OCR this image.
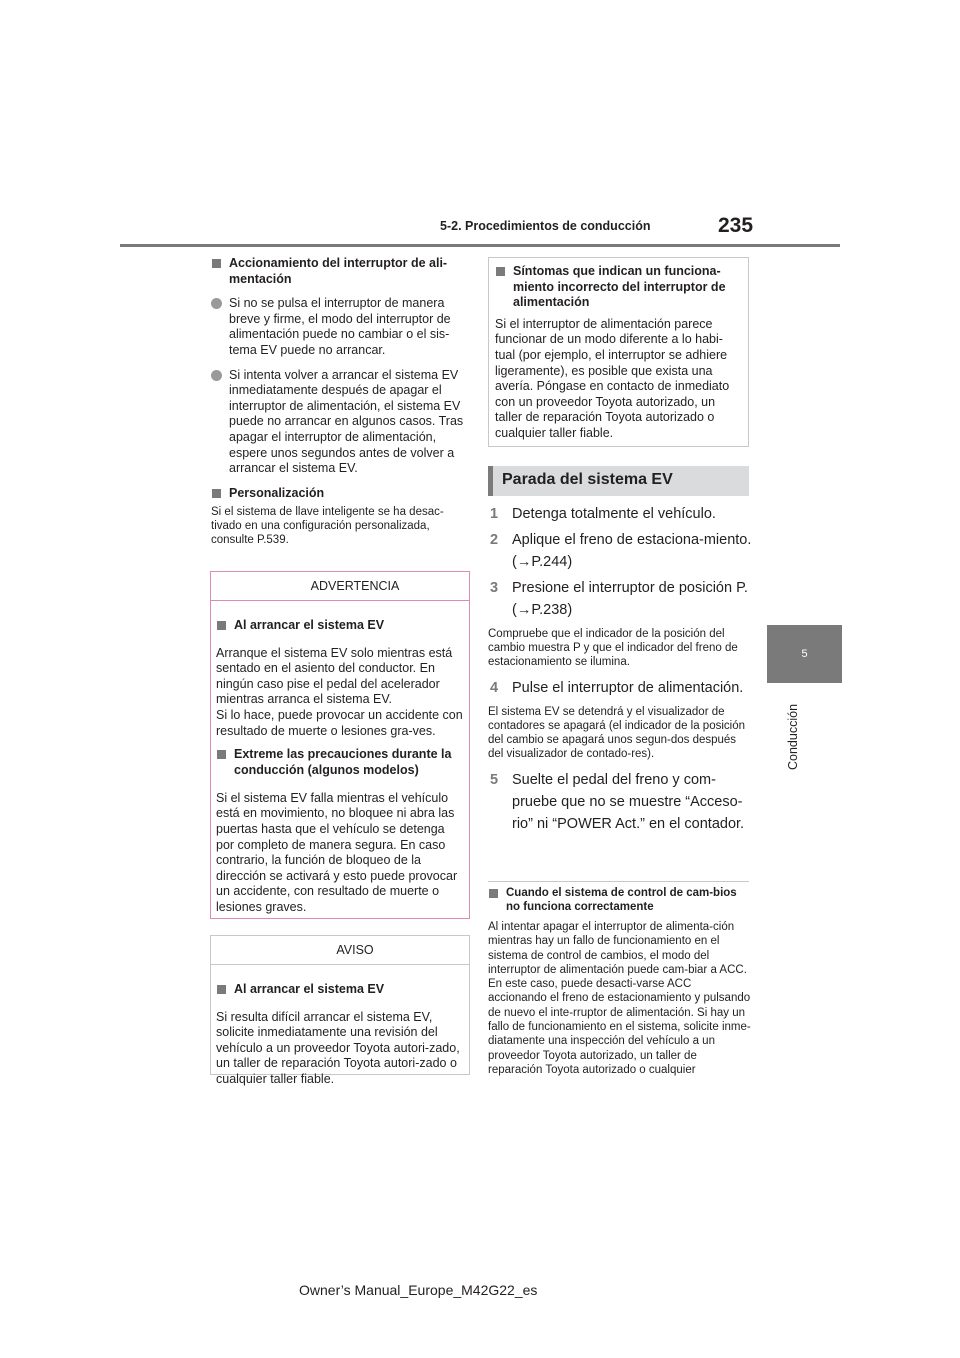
5-2. Procedimientos de conducción	235
5
Conducción

Accionamiento del interruptor de ali-
mentación

Si no se pulsa el interruptor de manera breve y firme, el modo del interruptor de alimentación puede no cambiar o el sis-tema EV puede no arrancar.

Si intenta volver a arrancar el sistema EV inmediatamente después de apagar el interruptor de alimentación, el sistema EV puede no arrancar en algunos casos. Tras apagar el interruptor de alimentación, espere unos segundos antes de volver a arrancar el sistema EV.

Personalización

Si el sistema de llave inteligente se ha desac-tivado en una configuración personalizada, consulte P.539.

ADVERTENCIA

Al arrancar el sistema EV

Arranque el sistema EV solo mientras está sentado en el asiento del conductor. En ningún caso pise el pedal del acelerador mientras arranca el sistema EV.

Si lo hace, puede provocar un accidente con resultado de muerte o lesiones gra-ves.

Extreme las precauciones durante la conducción (algunos modelos)

Si el sistema EV falla mientras el vehículo está en movimiento, no bloquee ni abra las puertas hasta que el vehículo se detenga por completo de manera segura. En caso contrario, la función de bloqueo de la dirección se activará y esto puede provocar un accidente, con resultado de muerte o lesiones graves.

AVISO

Al arrancar el sistema EV

Si resulta difícil arrancar el sistema EV, solicite inmediatamente una revisión del vehículo a un proveedor Toyota autori-zado, un taller de reparación Toyota autori-zado o cualquier taller fiable.

Síntomas que indican un funciona-miento incorrecto del interruptor de alimentación

Si el interruptor de alimentación parece funcionar de un modo diferente a lo habi-tual (por ejemplo, el interruptor se adhiere ligeramente), es posible que exista una avería. Póngase en contacto de inmediato con un proveedor Toyota autorizado, un taller de reparación Toyota autorizado o cualquier taller fiable.

Parada del sistema EV

1 Detenga totalmente el vehículo.

2 Aplique el freno de estaciona-miento. (→P.244)

3 Presione el interruptor de posición P. (→P.238)

Compruebe que el indicador de la posición del cambio muestra P y que el indicador del freno de estacionamiento se ilumina.

4 Pulse el interruptor de alimentación.

El sistema EV se detendrá y el visualizador de contadores se apagará (el indicador de la posición del cambio se apagará unos segun-dos después del visualizador de contado-res).

5 Suelte el pedal del freno y com-pruebe que no se muestre “Acceso-rio” ni “POWER Act.” en el contador.

Cuando el sistema de control de cam-bios no funciona correctamente

Al intentar apagar el interruptor de alimenta-ción mientras hay un fallo de funcionamiento en el sistema de control de cambios, el modo del interruptor de alimentación puede cam-biar a ACC. En este caso, puede desacti-varse ACC accionando el freno de estacionamiento y pulsando de nuevo el inte-rruptor de alimentación. Si hay un fallo de funcionamiento en el sistema, solicite inme-diatamente una inspección del vehículo a un proveedor Toyota autorizado, un taller de reparación Toyota autorizado o cualquier

Owner’s Manual_Europe_M42G22_es
